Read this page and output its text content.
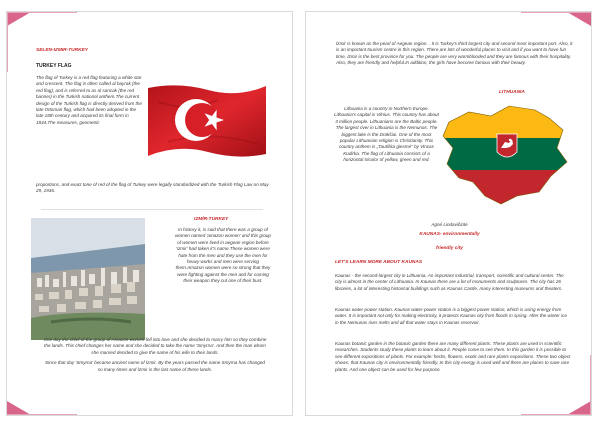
SELEN-IZMIR-TURKEY
TURKEY FLAG

The flag of Turkey is a red flag featuring a white star and crescent. The flag is often called al bayrak (the red flag), and is referred to as al sancak (the red banner) in the Turkish national anthem.The current design of the Turkish flag is directly derived from the late Ottoman flag, which had been adopted in the late 18th century and acquired its final form in 1844.The measures, geometric

proportions, and exact tone of red of the flag of Turkey were legally standardized with the Turkish Flag Law on May 29, 1936.

IZMİR-TURKEY

In history it, is said that there was a group of women named 'amazon women' and this group of women were lived in aegean region before 'izmir' had taken it's name.These women were hate from the men and they use the men for heavy works and men were serving them.Amazon women were so strong that they were fighting against the men and for coming their weapon they cut one of their bust.

One day the chief of the group of Amazon women fell into love and she decided to marry him so they combine the lands. This chief changes her name and she decided to take the name 'Smyrna'. And then the man whom she married decided to give the name of his wife to their lands.

Since that day 'Smyrna' became ancient name of İzmir. By the years passed the name Smyrna has changed so many times and İzmir is the last name of these lands.

İzmir is known as the pearl of Aegean region. . It is Turkey's third largest city and second most important port. Also, it is an important tourism centre in this region. There are lots of wonderful places to visit and if you want to have fun time, İzmir is the best province for you. The people are very warmblooded and they are famous with their hospitality. Also, they are friendly and helpful.In addition, the girls have become famous with their beauty.

LITHUANIA

Lithuania is a country in Northern Europe. Lithuania's capital is Vilnius. This country has about 3 million people. Lithuanians are the Baltic people. The largest river in Lithuania is the Nemunas. The biggest lake is the Drūkšiai. One of the most popular Lithuanian religion is Christianity. This country anthem is „Tautiška giesmė" by Vincas Kudirka. The flag of Lithuania consists of a horizontal tricolor of yellow, green and red.

Agné Lindavičiūtė
KAUNAS- environmentally
friendly city
LET'S LEARN MORE ABOUT KAUNAS

Kaunas - the second-largest city in Lithuania. An important industrial, transport, scientific and cultural center. The city is almost in the center of Lithuania. In Kaunas there are a lot of monuments and sculptures. The city has 26 libraries, a lot of interesting historical buildings such as Kaunas Castle, many interesting museums and theaters.

Kaunas water-power station. Kaunas water-power station is a biggest power station, which is using energy from water. It is important not only for making electricity, it protects Kaunas city from floods in spring. After the winter ice in the Nemunas river melts and all that water stays in Kaunas reservoir.

Kaunas botanic garden in the botanic garden there are many different plants. These plants are used in scientific researches. Students study these plants to learn about it. People come to see them. In this garden it is possible to see different expositions of plants. For example: herbs, flowers, exotic and rare plants expositions. These two object shows, that Kaunas city is environmentally friendly. In this city energy is used well and there are places to save rare plants. And one object can be used for few purpose.
